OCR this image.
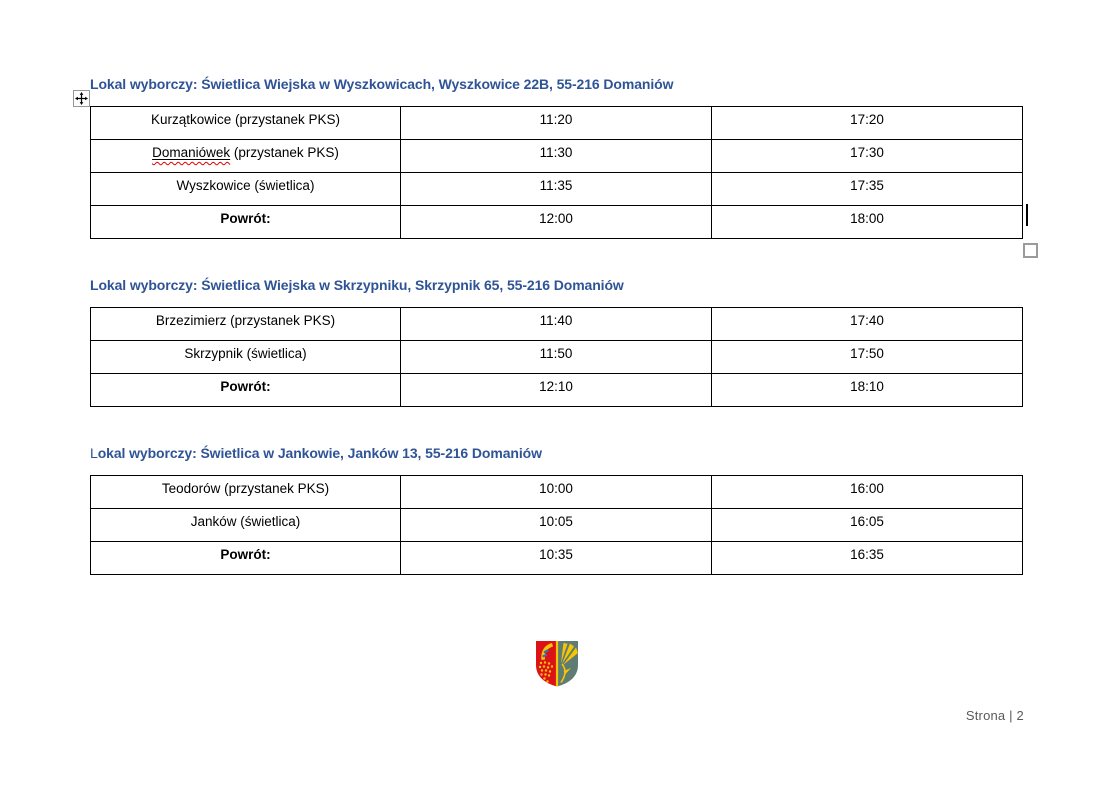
Lokal wyborczy: Świetlica Wiejska w Wyszkowicach, Wyszkowice 22B, 55-216 Domaniów
Kurzątkowice (przystanek PKS)	11:20	17:20
Domaniówek (przystanek PKS)	11:30	17:30
Wyszkowice (świetlica)	11:35	17:35
Powrót:	12:00	18:00
Lokal wyborczy: Świetlica Wiejska w Skrzypniku, Skrzypnik 65, 55-216 Domaniów
Brzezimierz (przystanek PKS)	11:40	17:40
Skrzypnik (świetlica)	11:50	17:50
Powrót:	12:10	18:10
Lokal wyborczy: Świetlica w Jankowie, Janków 13, 55-216 Domaniów
Teodorów (przystanek PKS)	10:00	16:00
Janków (świetlica)	10:05	16:05
Powrót:	10:35	16:35
Strona | 2
